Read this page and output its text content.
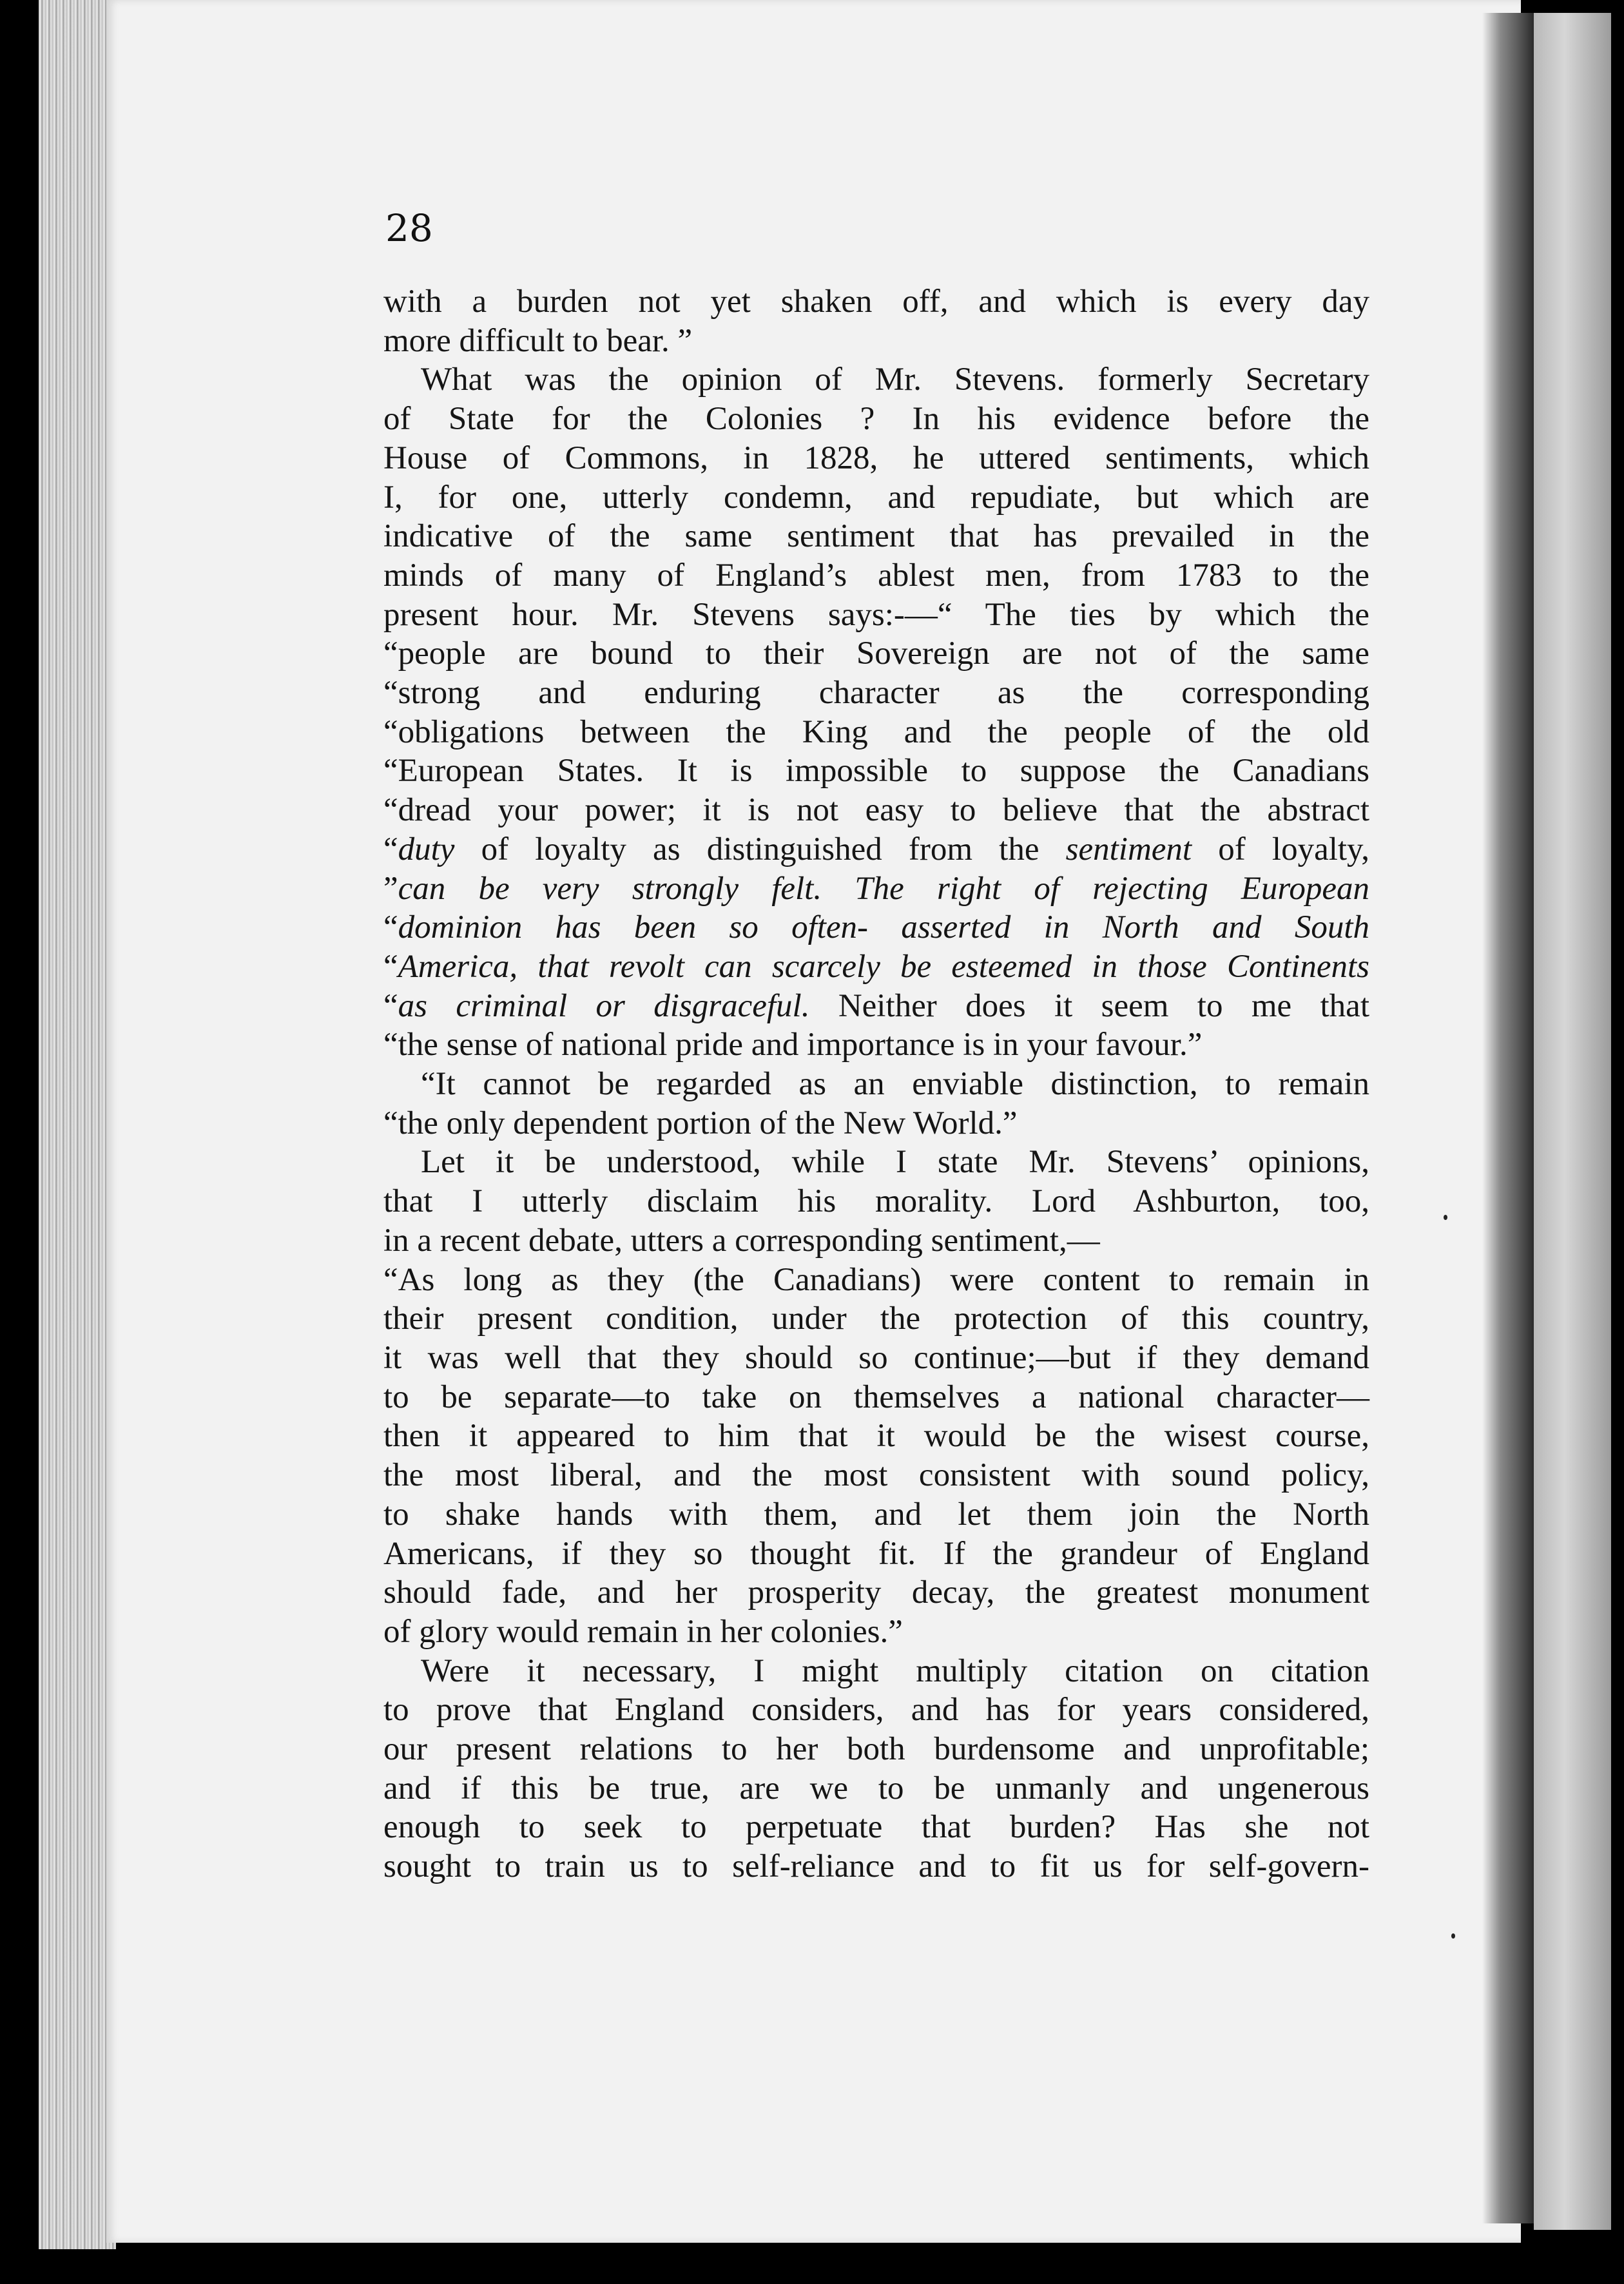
28
with a burden not yet shaken off, and which is every day
more difficult to bear. ”
What was the opinion of Mr. Stevens. formerly Secretary
of State for the Colonies ? In his evidence before the
House of Commons, in 1828, he uttered sentiments, which
I, for one, utterly condemn, and repudiate, but which are
indicative of the same sentiment that has prevailed in the
minds of many of England’s ablest men, from 1783 to the
present hour. Mr. Stevens says:-—“ The ties by which the
“people are bound to their Sovereign are not of the same
“strong and enduring character as the corresponding
“obligations between the King and the people of the old
“European States. It is impossible to suppose the Canadians
“dread your power; it is not easy to believe that the abstract
“duty of loyalty as distinguished from the sentiment of loyalty,
”can be very strongly felt. The right of rejecting European
“dominion has been so often- asserted in North and South
“America, that revolt can scarcely be esteemed in those Continents
“as criminal or disgraceful. Neither does it seem to me that
“the sense of national pride and importance is in your favour.”
“It cannot be regarded as an enviable distinction, to remain
“the only dependent portion of the New World.”
Let it be understood, while I state Mr. Stevens’ opinions,
that I utterly disclaim his morality. Lord Ashburton, too,
in a recent debate, utters a corresponding sentiment,—
“As long as they (the Canadians) were content to remain in
their present condition, under the protection of this country,
it was well that they should so continue;—but if they demand
to be separate—to take on themselves a national character—
then it appeared to him that it would be the wisest course,
the most liberal, and the most consistent with sound policy,
to shake hands with them, and let them join the North
Americans, if they so thought fit. If the grandeur of England
should fade, and her prosperity decay, the greatest monument
of glory would remain in her colonies.”
Were it necessary, I might multiply citation on citation
to prove that England considers, and has for years considered,
our present relations to her both burdensome and unprofitable;
and if this be true, are we to be unmanly and ungenerous
enough to seek to perpetuate that burden? Has she not
sought to train us to self-reliance and to fit us for self-govern-
